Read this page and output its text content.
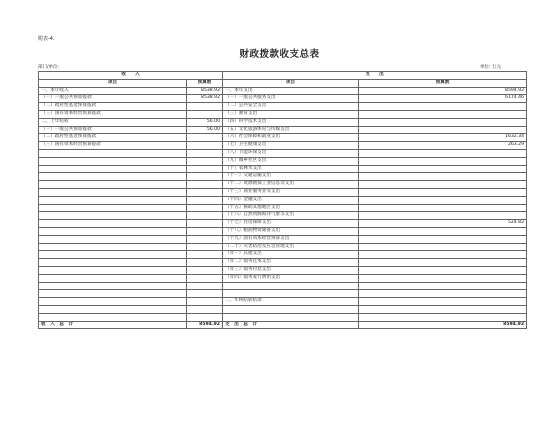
附表-4.
财政拨款收支总表
部门/单位:	单位: 万元
收　　入		支　　出	
项目	预算数	项目	预算数
一、本年收入	8538.92	一、本年支出	8594.92
（一）一般公共预算拨款	8538.92	（一）一般公共服务支出	6174.46
（二）政府性基金预算拨款		（二）公共安全支出	
（三）国有资本经营预算拨款		（三）教育支出	
二、上年结转	56.00	（四）科学技术支出	
（一）一般公共预算拨款	56.00	（五）文化旅游体育与传媒支出	
（二）政府性基金预算拨款		（六）社会保障和就业支出	1632.34
（三）国有资本经营预算拨款		（七）卫生健康支出	263.29
		（八）节能环保支出	
		（九）城乡社区支出	
		（十）农林水支出	
		（十一）交通运输支出	
		（十二）资源勘探工业信息等支出	
		（十三）商业服务业等支出	
		（十四）金融支出	
		（十五）援助其他地区支出	
		（十六）自然资源海洋气象等支出	
		（十七）住房保障支出	524.82
		（十八）粮油物资储备支出	
		（十九）国有资本经营预算支出	
		（二十）灾害防治及应急管理支出	
		（廿一）其他支出	
		（廿二）债务还本支出	
		（廿三）债务付息支出	
		（廿四）债务发行费用支出	

		二、年终结转结余	

收　入　总　计	8594.92	支　出　总　计	8594.92
